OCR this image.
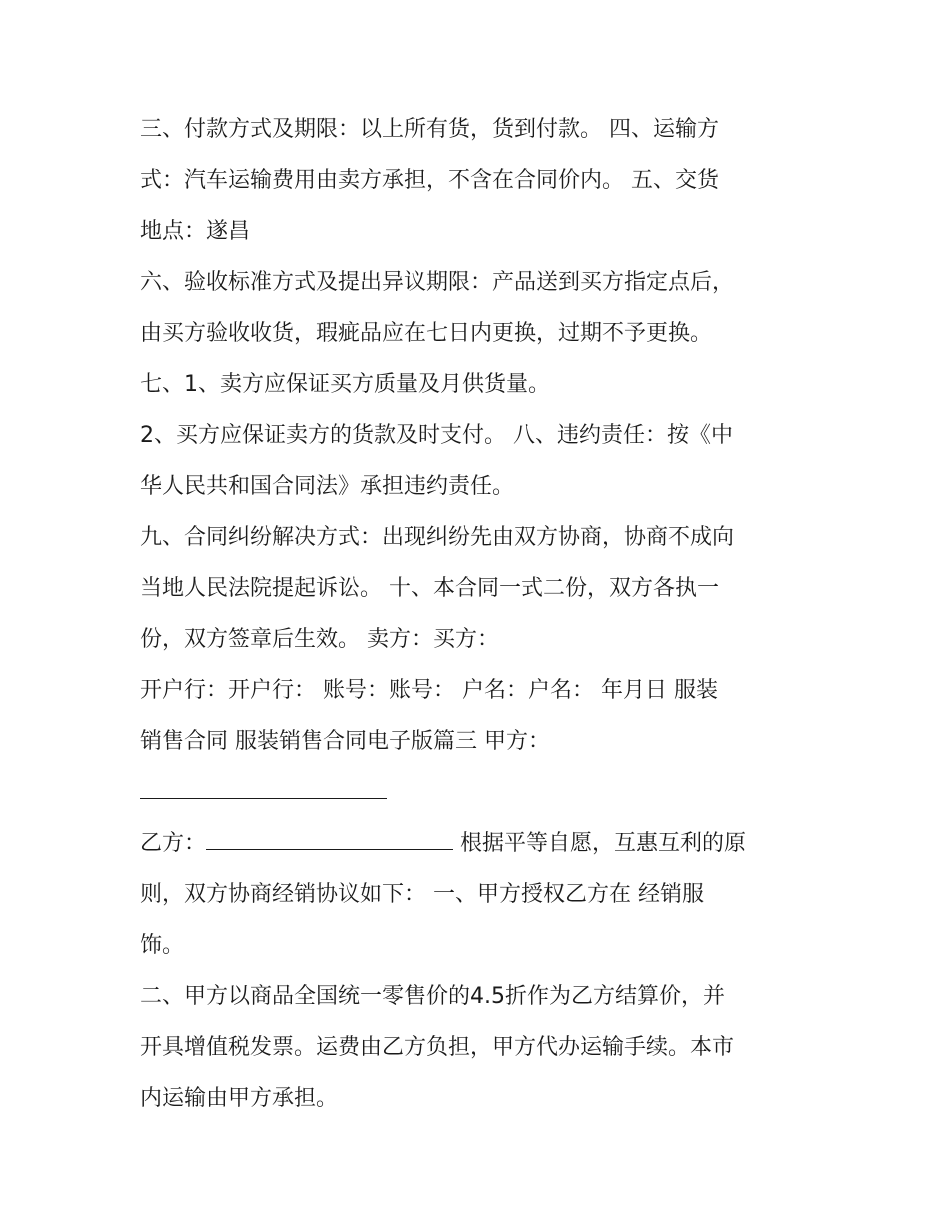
三、付款方式及期限：以上所有货，货到付款。 四、运输方
式：汽车运输费用由卖方承担，不含在合同价内。 五、交货
地点：遂昌
六、验收标准方式及提出异议期限：产品送到买方指定点后，
由买方验收收货，瑕疵品应在七日内更换，过期不予更换。
七、1、卖方应保证买方质量及月供货量。
2、买方应保证卖方的货款及时支付。 八、违约责任：按《中
华人民共和国合同法》承担违约责任。
九、合同纠纷解决方式：出现纠纷先由双方协商，协商不成向
当地人民法院提起诉讼。 十、本合同一式二份，双方各执一
份，双方签章后生效。 卖方：买方：
开户行：开户行： 账号：账号： 户名：户名： 年月日 服装
销售合同 服装销售合同电子版篇三 甲方：
乙方：	根据平等自愿，互惠互利的原
则，双方协商经销协议如下： 一、甲方授权乙方在 经销服
饰。
二、甲方以商品全国统一零售价的4.5折作为乙方结算价，并
开具增值税发票。运费由乙方负担，甲方代办运输手续。本市
内运输由甲方承担。
